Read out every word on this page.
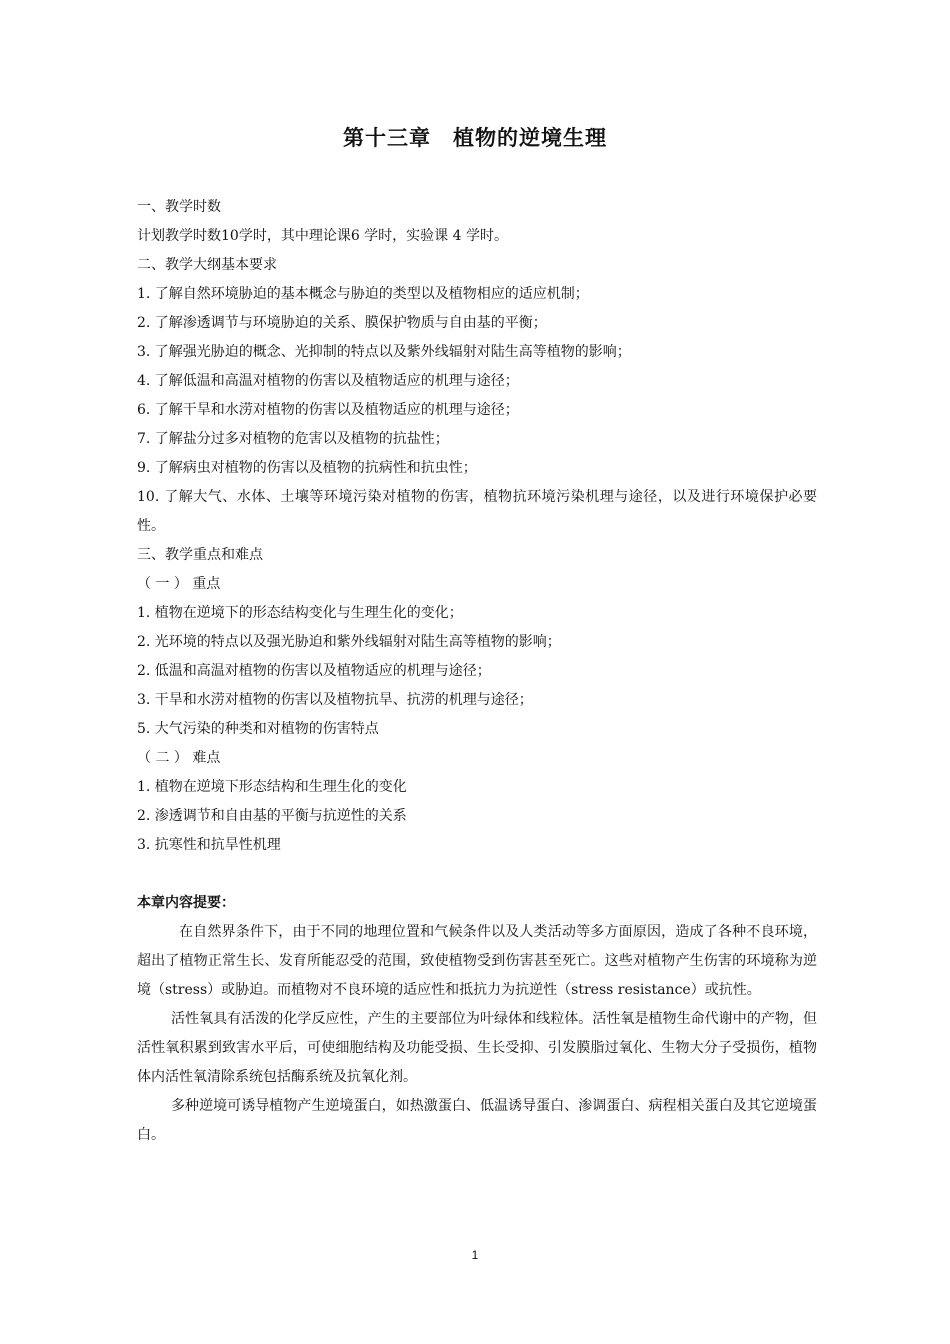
第十三章　植物的逆境生理

一、教学时数

计划教学时数10学时，其中理论课6 学时，实验课 4 学时。

二、教学大纲基本要求

1. 了解自然环境胁迫的基本概念与胁迫的类型以及植物相应的适应机制；

2. 了解渗透调节与环境胁迫的关系、膜保护物质与自由基的平衡；

3. 了解强光胁迫的概念、光抑制的特点以及紫外线辐射对陆生高等植物的影响；

4. 了解低温和高温对植物的伤害以及植物适应的机理与途径；

6. 了解干旱和水涝对植物的伤害以及植物适应的机理与途径；

7. 了解盐分过多对植物的危害以及植物的抗盐性；

9. 了解病虫对植物的伤害以及植物的抗病性和抗虫性；

10. 了解大气、水体、土壤等环境污染对植物的伤害，植物抗环境污染机理与途径，以及进行环境保护必要性。

三、教学重点和难点

（ 一 ） 重点

1. 植物在逆境下的形态结构变化与生理生化的变化；

2. 光环境的特点以及强光胁迫和紫外线辐射对陆生高等植物的影响；

2. 低温和高温对植物的伤害以及植物适应的机理与途径；

3. 干旱和水涝对植物的伤害以及植物抗旱、抗涝的机理与途径；

5. 大气污染的种类和对植物的伤害特点

（ 二 ） 难点

1. 植物在逆境下形态结构和生理生化的变化

2. 渗透调节和自由基的平衡与抗逆性的关系

3. 抗寒性和抗旱性机理

本章内容提要：

在自然界条件下，由于不同的地理位置和气候条件以及人类活动等多方面原因，造成了各种不良环境，超出了植物正常生长、发育所能忍受的范围，致使植物受到伤害甚至死亡。这些对植物产生伤害的环境称为逆境（stress）或胁迫。而植物对不良环境的适应性和抵抗力为抗逆性（stress resistance）或抗性。

活性氧具有活泼的化学反应性，产生的主要部位为叶绿体和线粒体。活性氧是植物生命代谢中的产物，但活性氧积累到致害水平后，可使细胞结构及功能受损、生长受抑、引发膜脂过氧化、生物大分子受损伤，植物体内活性氧清除系统包括酶系统及抗氧化剂。

多种逆境可诱导植物产生逆境蛋白，如热激蛋白、低温诱导蛋白、渗调蛋白、病程相关蛋白及其它逆境蛋白。

1
